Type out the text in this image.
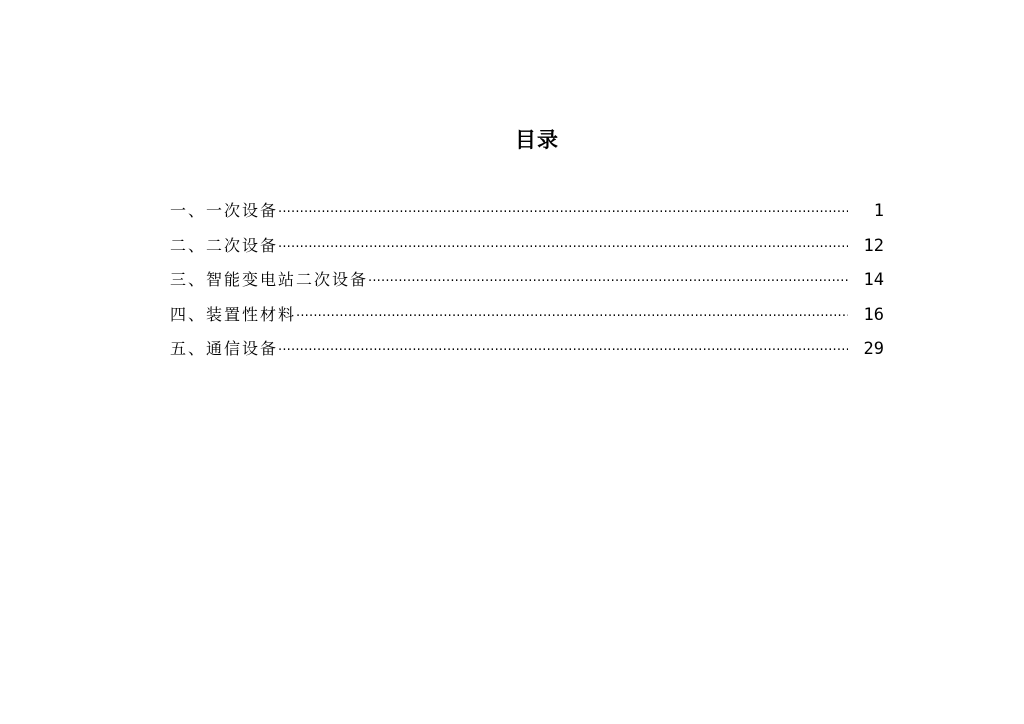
目录
一、一次设备 ·····	1
二、二次设备 ·····	12
三、智能变电站二次设备 ·····	14
四、装置性材料 ·····	16
五、通信设备 ·····	29
